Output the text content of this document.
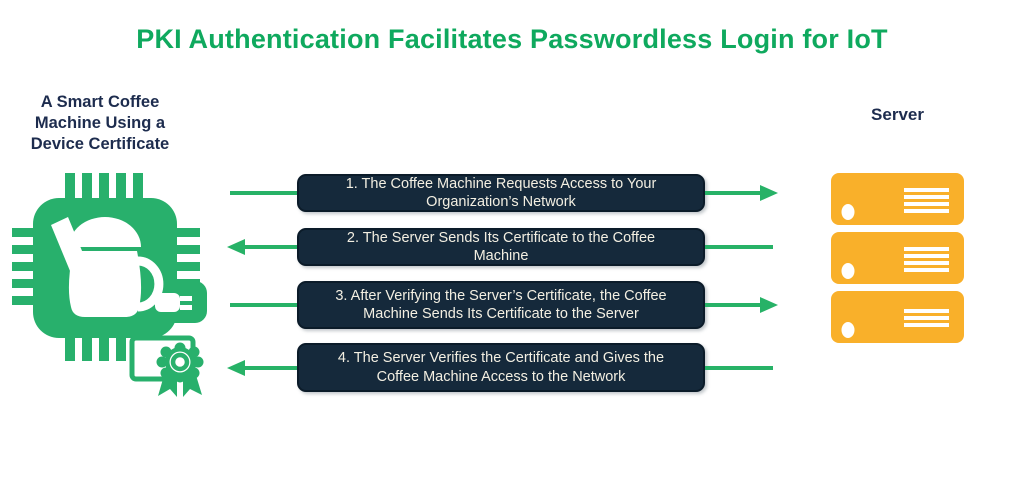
PKI Authentication Facilitates Passwordless Login for IoT
A Smart Coffee
Machine Using a
Device Certificate
Server
1. The Coffee Machine Requests Access to Your
Organization’s Network
2. The Server Sends Its Certificate to the Coffee
Machine
3. After Verifying the Server’s Certificate, the Coffee
Machine Sends Its Certificate to the Server
4. The Server Verifies the Certificate and Gives the
Coffee Machine Access to the Network
